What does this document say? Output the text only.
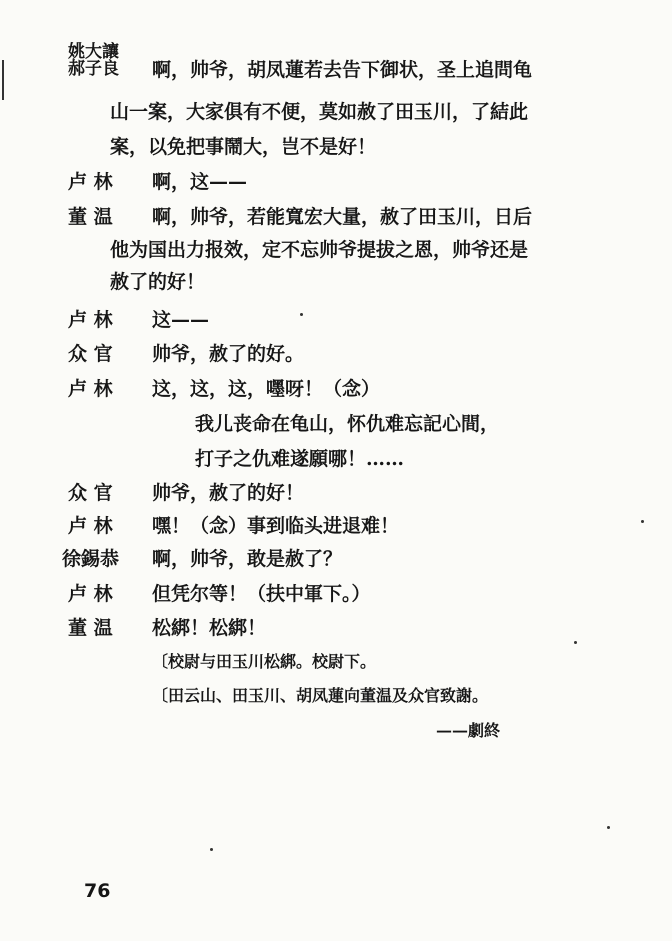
姚大讓
郝子良 啊，帅爷，胡凤蓮若去告下御状，圣上追問龟
山一案，大家俱有不便，莫如赦了田玉川，了結此
案，以免把事鬧大，岂不是好！
卢 林 啊，这——
董 温 啊，帅爷，若能寬宏大量，赦了田玉川，日后
他为国出力报效，定不忘帅爷提拔之恩，帅爷还是
赦了的好！
卢 林 这——
众 官 帅爷，赦了的好。
卢 林 这，这，这，嚜呀！（念）
我儿丧命在龟山，怀仇难忘記心間，
打子之仇难遂願哪！……
众 官 帅爷，赦了的好！
卢 林 嘿！（念）事到临头进退难！
徐錫恭 啊，帅爷，敢是赦了？
卢 林 但凭尔等！（扶中軍下。）
董 温 松綁！松綁！
〔校尉与田玉川松綁。校尉下。
〔田云山、田玉川、胡凤蓮向董温及众官致謝。
——劇終
76
